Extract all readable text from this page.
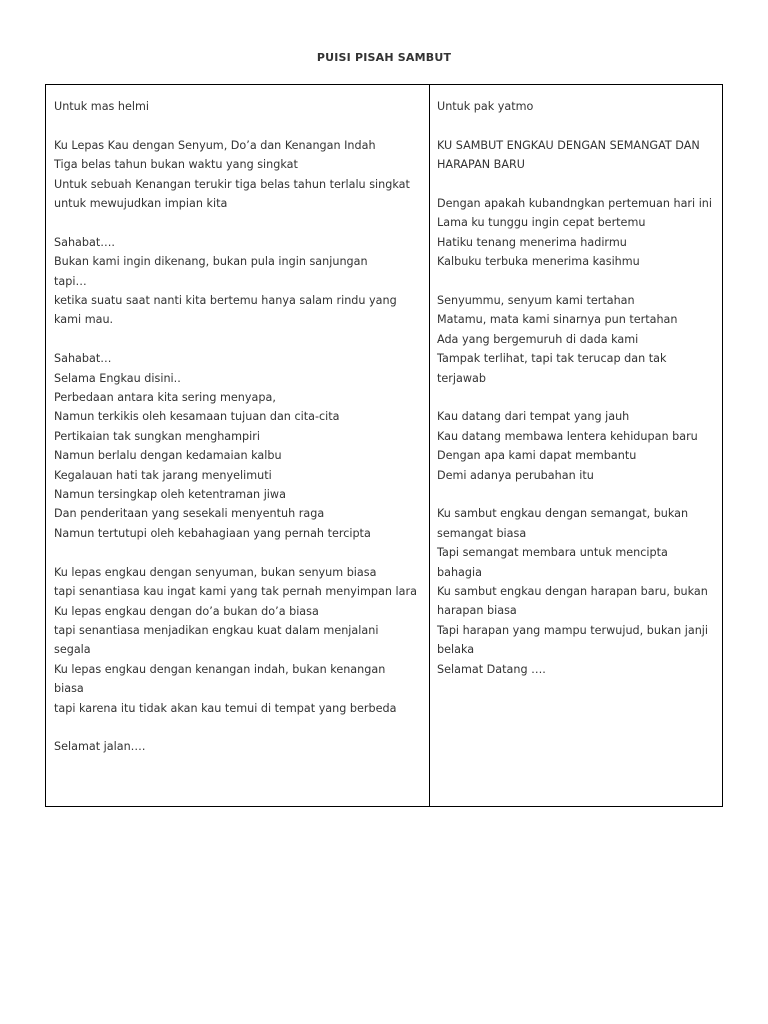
PUISI PISAH SAMBUT
Untuk mas helmi
Ku Lepas Kau dengan Senyum, Do’a dan Kenangan Indah
Tiga belas tahun bukan waktu yang singkat
Untuk sebuah Kenangan terukir tiga belas tahun terlalu singkat
untuk mewujudkan impian kita
Sahabat….
Bukan kami ingin dikenang, bukan pula ingin sanjungan
tapi…
ketika suatu saat nanti kita bertemu hanya salam rindu yang
kami mau.
Sahabat…
Selama Engkau disini..
Perbedaan antara kita sering menyapa,
Namun terkikis oleh kesamaan tujuan dan cita-cita
Pertikaian tak sungkan menghampiri
Namun berlalu dengan kedamaian kalbu
Kegalauan hati tak jarang menyelimuti
Namun tersingkap oleh ketentraman jiwa
Dan penderitaan yang sesekali menyentuh raga
Namun tertutupi oleh kebahagiaan yang pernah tercipta
Ku lepas engkau dengan senyuman, bukan senyum biasa
tapi senantiasa kau ingat kami yang tak pernah menyimpan lara
Ku lepas engkau dengan do’a bukan do’a biasa
tapi senantiasa menjadikan engkau kuat dalam menjalani
segala
Ku lepas engkau dengan kenangan indah, bukan kenangan
biasa
tapi karena itu tidak akan kau temui di tempat yang berbeda
Selamat jalan….
Untuk pak yatmo
KU SAMBUT ENGKAU DENGAN SEMANGAT DAN
HARAPAN BARU
Dengan apakah kubandngkan pertemuan hari ini
Lama ku tunggu ingin cepat bertemu
Hatiku tenang menerima hadirmu
Kalbuku terbuka menerima kasihmu
Senyummu, senyum kami tertahan
Matamu, mata kami sinarnya pun tertahan
Ada yang bergemuruh di dada kami
Tampak terlihat, tapi tak terucap dan tak
terjawab
Kau datang dari tempat yang jauh
Kau datang membawa lentera kehidupan baru
Dengan apa kami dapat membantu
Demi adanya perubahan itu
Ku sambut engkau dengan semangat, bukan
semangat biasa
Tapi semangat membara untuk mencipta
bahagia
Ku sambut engkau dengan harapan baru, bukan
harapan biasa
Tapi harapan yang mampu terwujud, bukan janji
belaka
Selamat Datang ….
